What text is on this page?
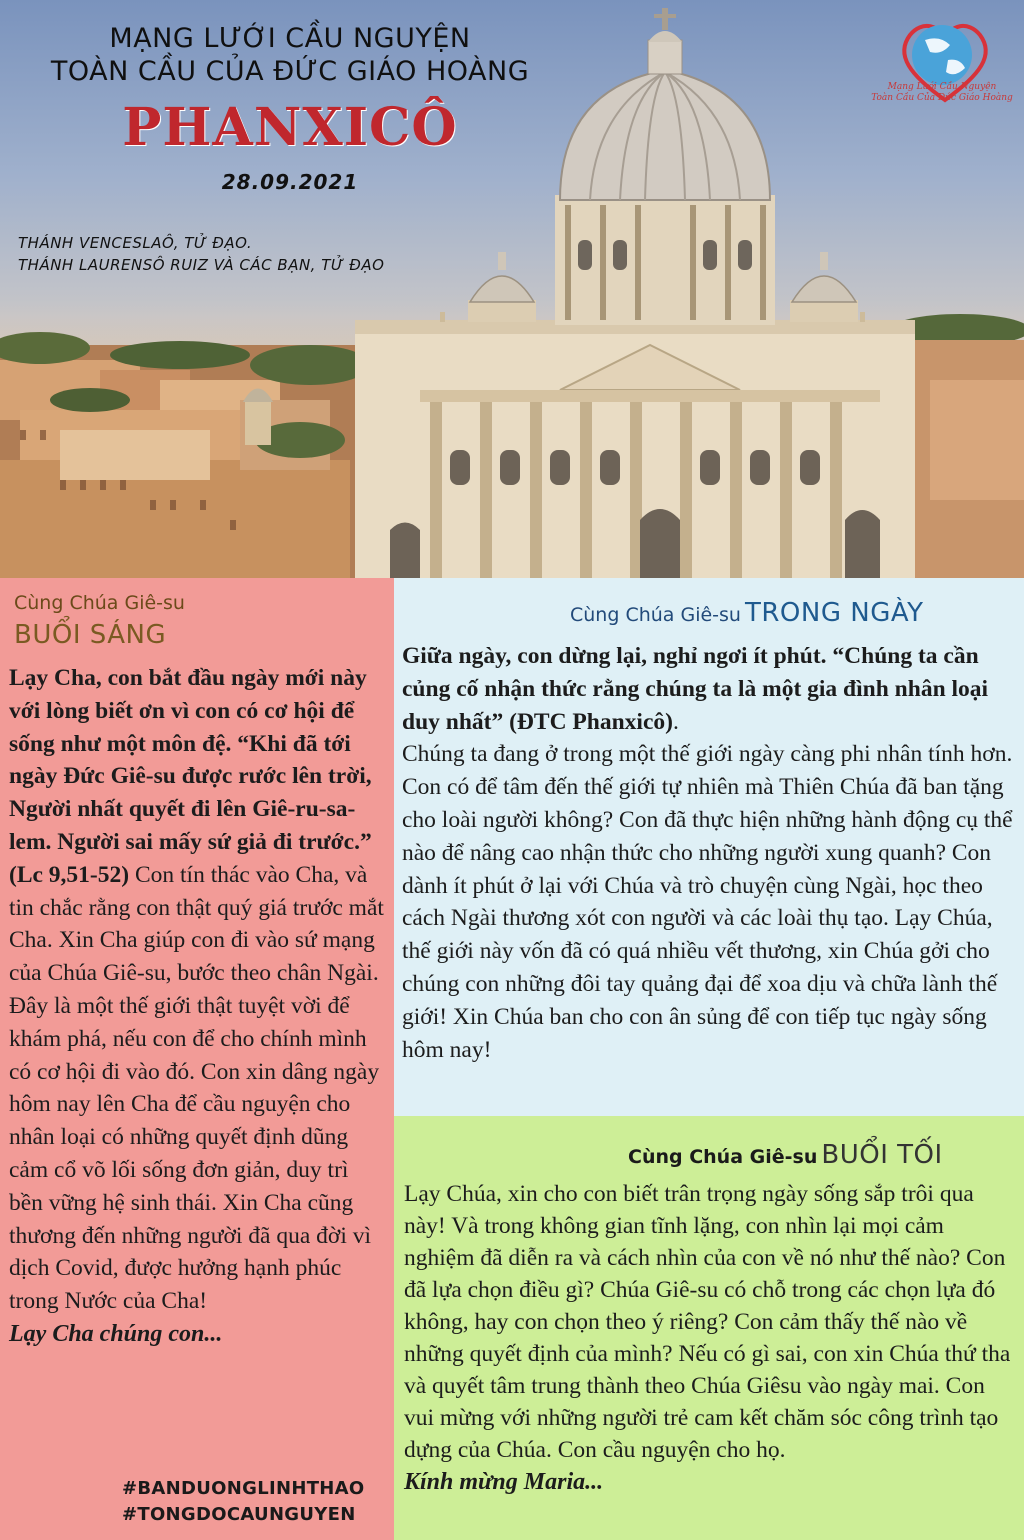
MẠNG LƯỚI CẦU NGUYỆN
TOÀN CẦU CỦA ĐỨC GIÁO HOÀNG
PHANXICÔ
28.09.2021
THÁNH VENCESLAÔ, TỬ ĐẠO.
THÁNH LAURENSÔ RUIZ VÀ CÁC BẠN, TỬ ĐẠO
Mạng Lưới Cầu Nguyện
Toàn Cầu Của Đức Giáo Hoàng
Cùng Chúa Giê-su
BUỔI SÁNG
Lạy Cha, con bắt đầu ngày mới này với lòng biết ơn vì con có cơ hội để sống như một môn đệ. “Khi đã tới ngày Đức Giê-su được rước lên trời, Người nhất quyết đi lên Giê-ru-sa-lem. Người sai mấy sứ giả đi trước.” (Lc 9,51-52) Con tín thác vào Cha, và tin chắc rằng con thật quý giá trước mắt Cha. Xin Cha giúp con đi vào sứ mạng của Chúa Giê-su, bước theo chân Ngài. Đây là một thế giới thật tuyệt vời để khám phá, nếu con để cho chính mình có cơ hội đi vào đó. Con xin dâng ngày hôm nay lên Cha để cầu nguyện cho nhân loại có những quyết định dũng cảm cổ võ lối sống đơn giản, duy trì bền vững hệ sinh thái. Xin Cha cũng thương đến những người đã qua đời vì dịch Covid, được hưởng hạnh phúc trong Nước của Cha!
Lạy Cha chúng con...
#BANDUONGLINHTHAO
#TONGDOCAUNGUYEN
Cùng Chúa Giê-su TRONG NGÀY
Giữa ngày, con dừng lại, nghỉ ngơi ít phút. “Chúng ta cần củng cố nhận thức rằng chúng ta là một gia đình nhân loại duy nhất” (ĐTC Phanxicô).
Chúng ta đang ở trong một thế giới ngày càng phi nhân tính hơn. Con có để tâm đến thế giới tự nhiên mà Thiên Chúa đã ban tặng cho loài người không? Con đã thực hiện những hành động cụ thể nào để nâng cao nhận thức cho những người xung quanh? Con dành ít phút ở lại với Chúa và trò chuyện cùng Ngài, học theo cách Ngài thương xót con người và các loài thụ tạo. Lạy Chúa, thế giới này vốn đã có quá nhiều vết thương, xin Chúa gởi cho chúng con những đôi tay quảng đại để xoa dịu và chữa lành thế giới! Xin Chúa ban cho con ân sủng để con tiếp tục ngày sống hôm nay!
Cùng Chúa Giê-su BUỔI TỐI
Lạy Chúa, xin cho con biết trân trọng ngày sống sắp trôi qua này! Và trong không gian tĩnh lặng, con nhìn lại mọi cảm nghiệm đã diễn ra và cách nhìn của con về nó như thế nào? Con đã lựa chọn điều gì? Chúa Giê-su có chỗ trong các chọn lựa đó không, hay con chọn theo ý riêng? Con cảm thấy thế nào về những quyết định của mình? Nếu có gì sai, con xin Chúa thứ tha và quyết tâm trung thành theo Chúa Giêsu vào ngày mai. Con vui mừng với những người trẻ cam kết chăm sóc công trình tạo dựng của Chúa. Con cầu nguyện cho họ.
Kính mừng Maria...
